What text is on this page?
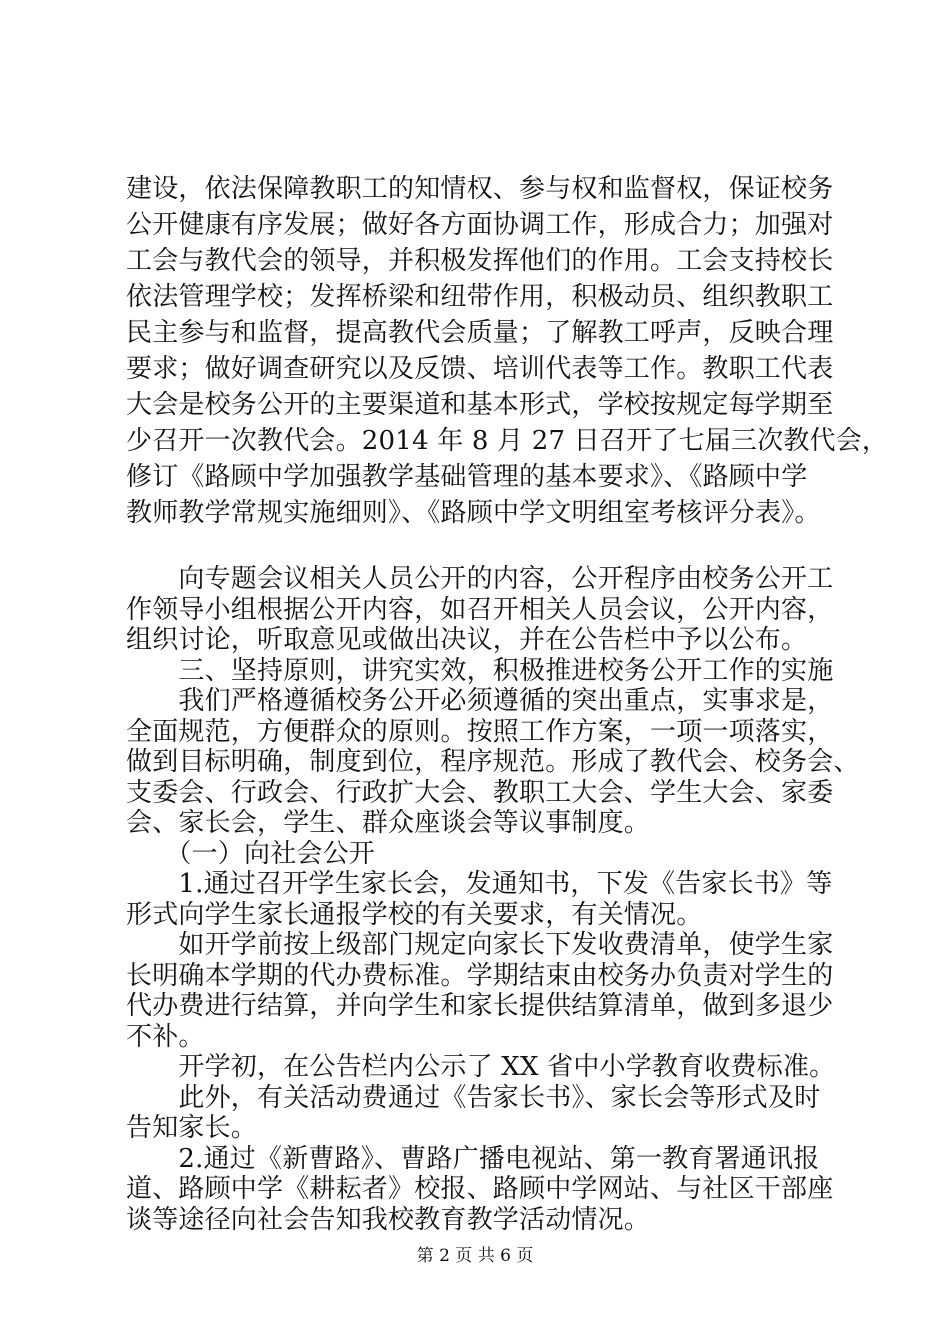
建设，依法保障教职工的知情权、参与权和监督权，保证校务
公开健康有序发展；做好各方面协调工作，形成合力；加强对
工会与教代会的领导，并积极发挥他们的作用。工会支持校长
依法管理学校；发挥桥梁和纽带作用，积极动员、组织教职工
民主参与和监督，提高教代会质量；了解教工呼声，反映合理
要求；做好调查研究以及反馈、培训代表等工作。教职工代表
大会是校务公开的主要渠道和基本形式，学校按规定每学期至
少召开一次教代会。2014 年 8 月 27 日召开了七届三次教代会，
修订《路顾中学加强教学基础管理的基本要求》、《路顾中学
教师教学常规实施细则》、《路顾中学文明组室考核评分表》。
　　向专题会议相关人员公开的内容，公开程序由校务公开工
作领导小组根据公开内容，如召开相关人员会议，公开内容，
组织讨论，听取意见或做出决议，并在公告栏中予以公布。
　　三、坚持原则，讲究实效，积极推进校务公开工作的实施
　　我们严格遵循校务公开必须遵循的突出重点，实事求是，
全面规范，方便群众的原则。按照工作方案，一项一项落实，
做到目标明确，制度到位，程序规范。形成了教代会、校务会、
支委会、行政会、行政扩大会、教职工大会、学生大会、家委
会、家长会，学生、群众座谈会等议事制度。
　　（一）向社会公开
　　1.通过召开学生家长会，发通知书，下发《告家长书》等
形式向学生家长通报学校的有关要求，有关情况。
　　如开学前按上级部门规定向家长下发收费清单，使学生家
长明确本学期的代办费标准。学期结束由校务办负责对学生的
代办费进行结算，并向学生和家长提供结算清单，做到多退少
不补。
　　开学初，在公告栏内公示了 XX 省中小学教育收费标准。
　　此外，有关活动费通过《告家长书》、家长会等形式及时
告知家长。
　　2.通过《新曹路》、曹路广播电视站、第一教育署通讯报
道、路顾中学《耕耘者》校报、路顾中学网站、与社区干部座
谈等途径向社会告知我校教育教学活动情况。
第 2 页 共 6 页
